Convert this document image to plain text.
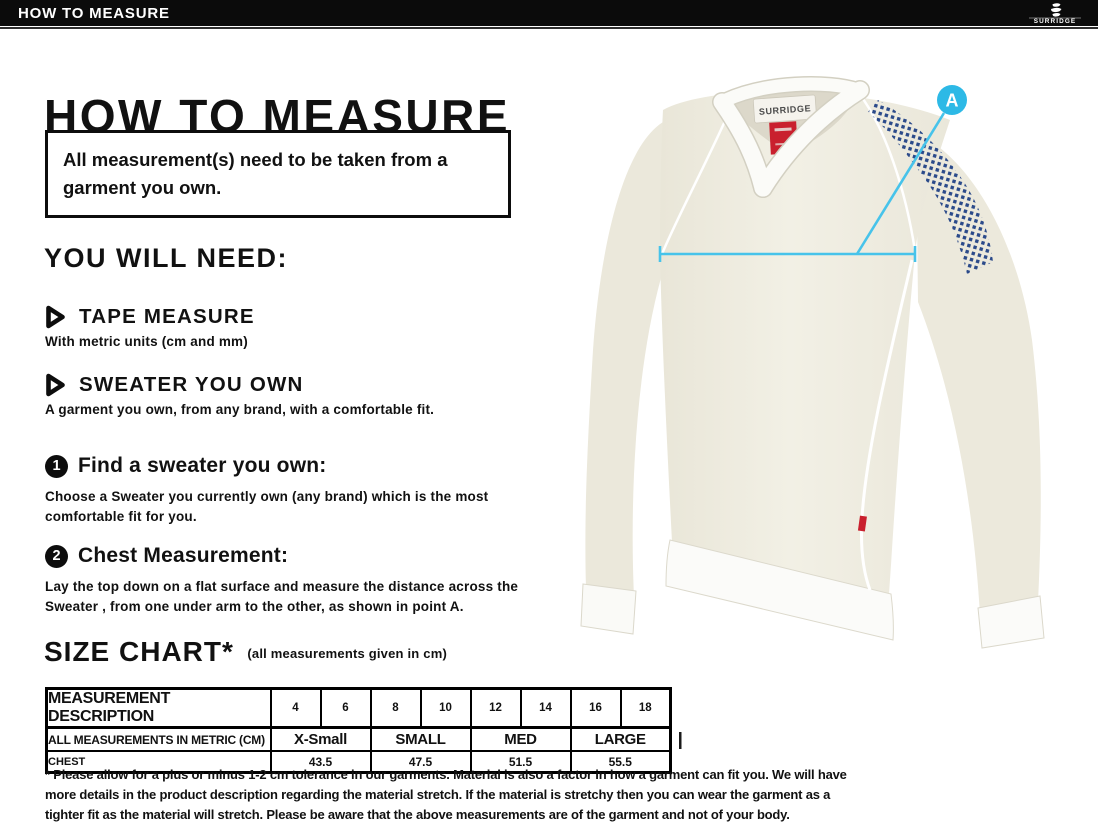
HOW TO MEASURE	SURRIDGE
HOW TO MEASURE
All measurement(s) need to be taken from a garment you own.
YOU WILL NEED:
TAPE MEASURE
With metric units (cm and mm)
SWEATER YOU OWN
A garment you own, from any brand, with a comfortable fit.
1 Find a sweater you own:
Choose a Sweater you currently own (any brand) which is the most comfortable fit for you.
2 Chest Measurement:
Lay the top down on a flat surface and measure the distance across the Sweater , from one under arm to the other, as shown in point A.
SIZE CHART* (all measurements given in cm)
MEASUREMENT DESCRIPTION	4	6	8	10	12	14	16	18
ALL MEASUREMENTS IN METRIC (CM)	X-Small		SMALL		MED		LARGE	
CHEST	43.5		47.5		51.5		55.5	
* Please allow for a plus or minus 1-2 cm tolerance in our garments. Material is also a factor in how a garment can fit you. We will have
more details in the product description regarding the material stretch. If the material is stretchy then you can wear the garment as a
tighter fit as the material will stretch. Please be aware that the above measurements are of the garment and not of your body.
SURRIDGE	A
